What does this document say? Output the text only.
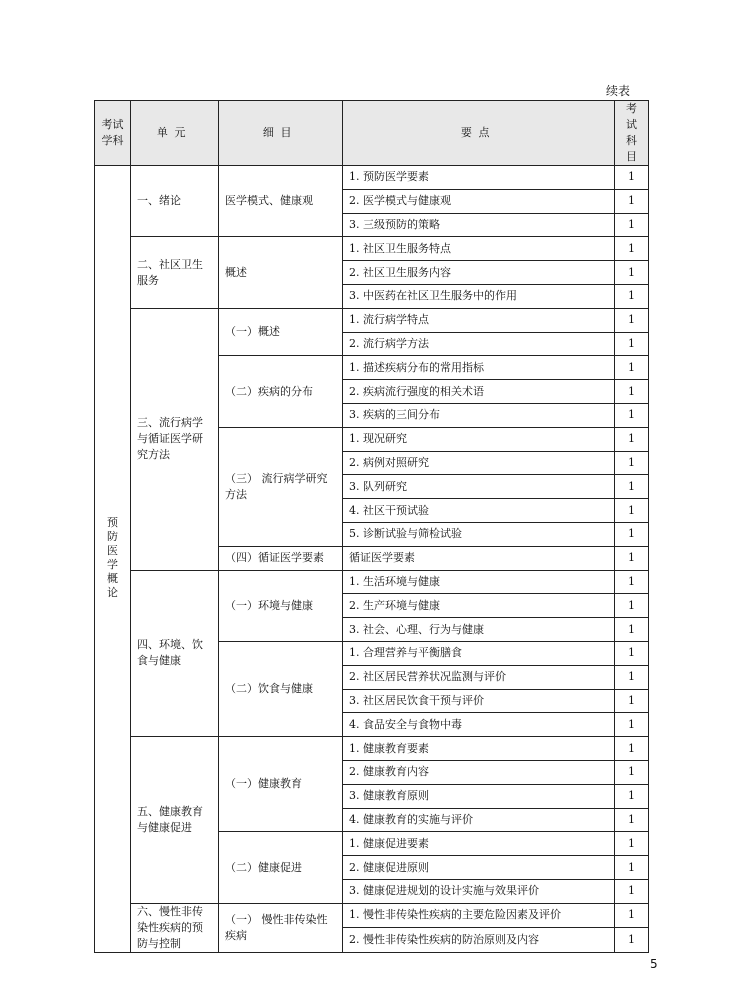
续表
考试学科	单元	细目	要点	考试科目
预防医学概论	一、绪论	医学模式、健康观	1. 预防医学要素	1
			2. 医学模式与健康观	1
			3. 三级预防的策略	1
	二、社区卫生服务	概述	1. 社区卫生服务特点	1
			2. 社区卫生服务内容	1
			3. 中医药在社区卫生服务中的作用	1
	三、流行病学与循证医学研究方法	（一）概述	1. 流行病学特点	1
			2. 流行病学方法	1
		（二）疾病的分布	1. 描述疾病分布的常用指标	1
			2. 疾病流行强度的相关术语	1
			3. 疾病的三间分布	1
		（三） 流行病学研究方法	1. 现况研究	1
			2. 病例对照研究	1
			3. 队列研究	1
			4. 社区干预试验	1
			5. 诊断试验与筛检试验	1
		（四）循证医学要素	循证医学要素	1
	四、环境、饮食与健康	（一）环境与健康	1. 生活环境与健康	1
			2. 生产环境与健康	1
			3. 社会、心理、行为与健康	1
		（二）饮食与健康	1. 合理营养与平衡膳食	1
			2. 社区居民营养状况监测与评价	1
			3. 社区居民饮食干预与评价	1
			4. 食品安全与食物中毒	1
	五、健康教育与健康促进	（一）健康教育	1. 健康教育要素	1
			2. 健康教育内容	1
			3. 健康教育原则	1
			4. 健康教育的实施与评价	1
		（二）健康促进	1. 健康促进要素	1
			2. 健康促进原则	1
			3. 健康促进规划的设计实施与效果评价	1
	六、慢性非传染性疾病的预防与控制	（一） 慢性非传染性疾病	1. 慢性非传染性疾病的主要危险因素及评价	1
			2. 慢性非传染性疾病的防治原则及内容	1
5
